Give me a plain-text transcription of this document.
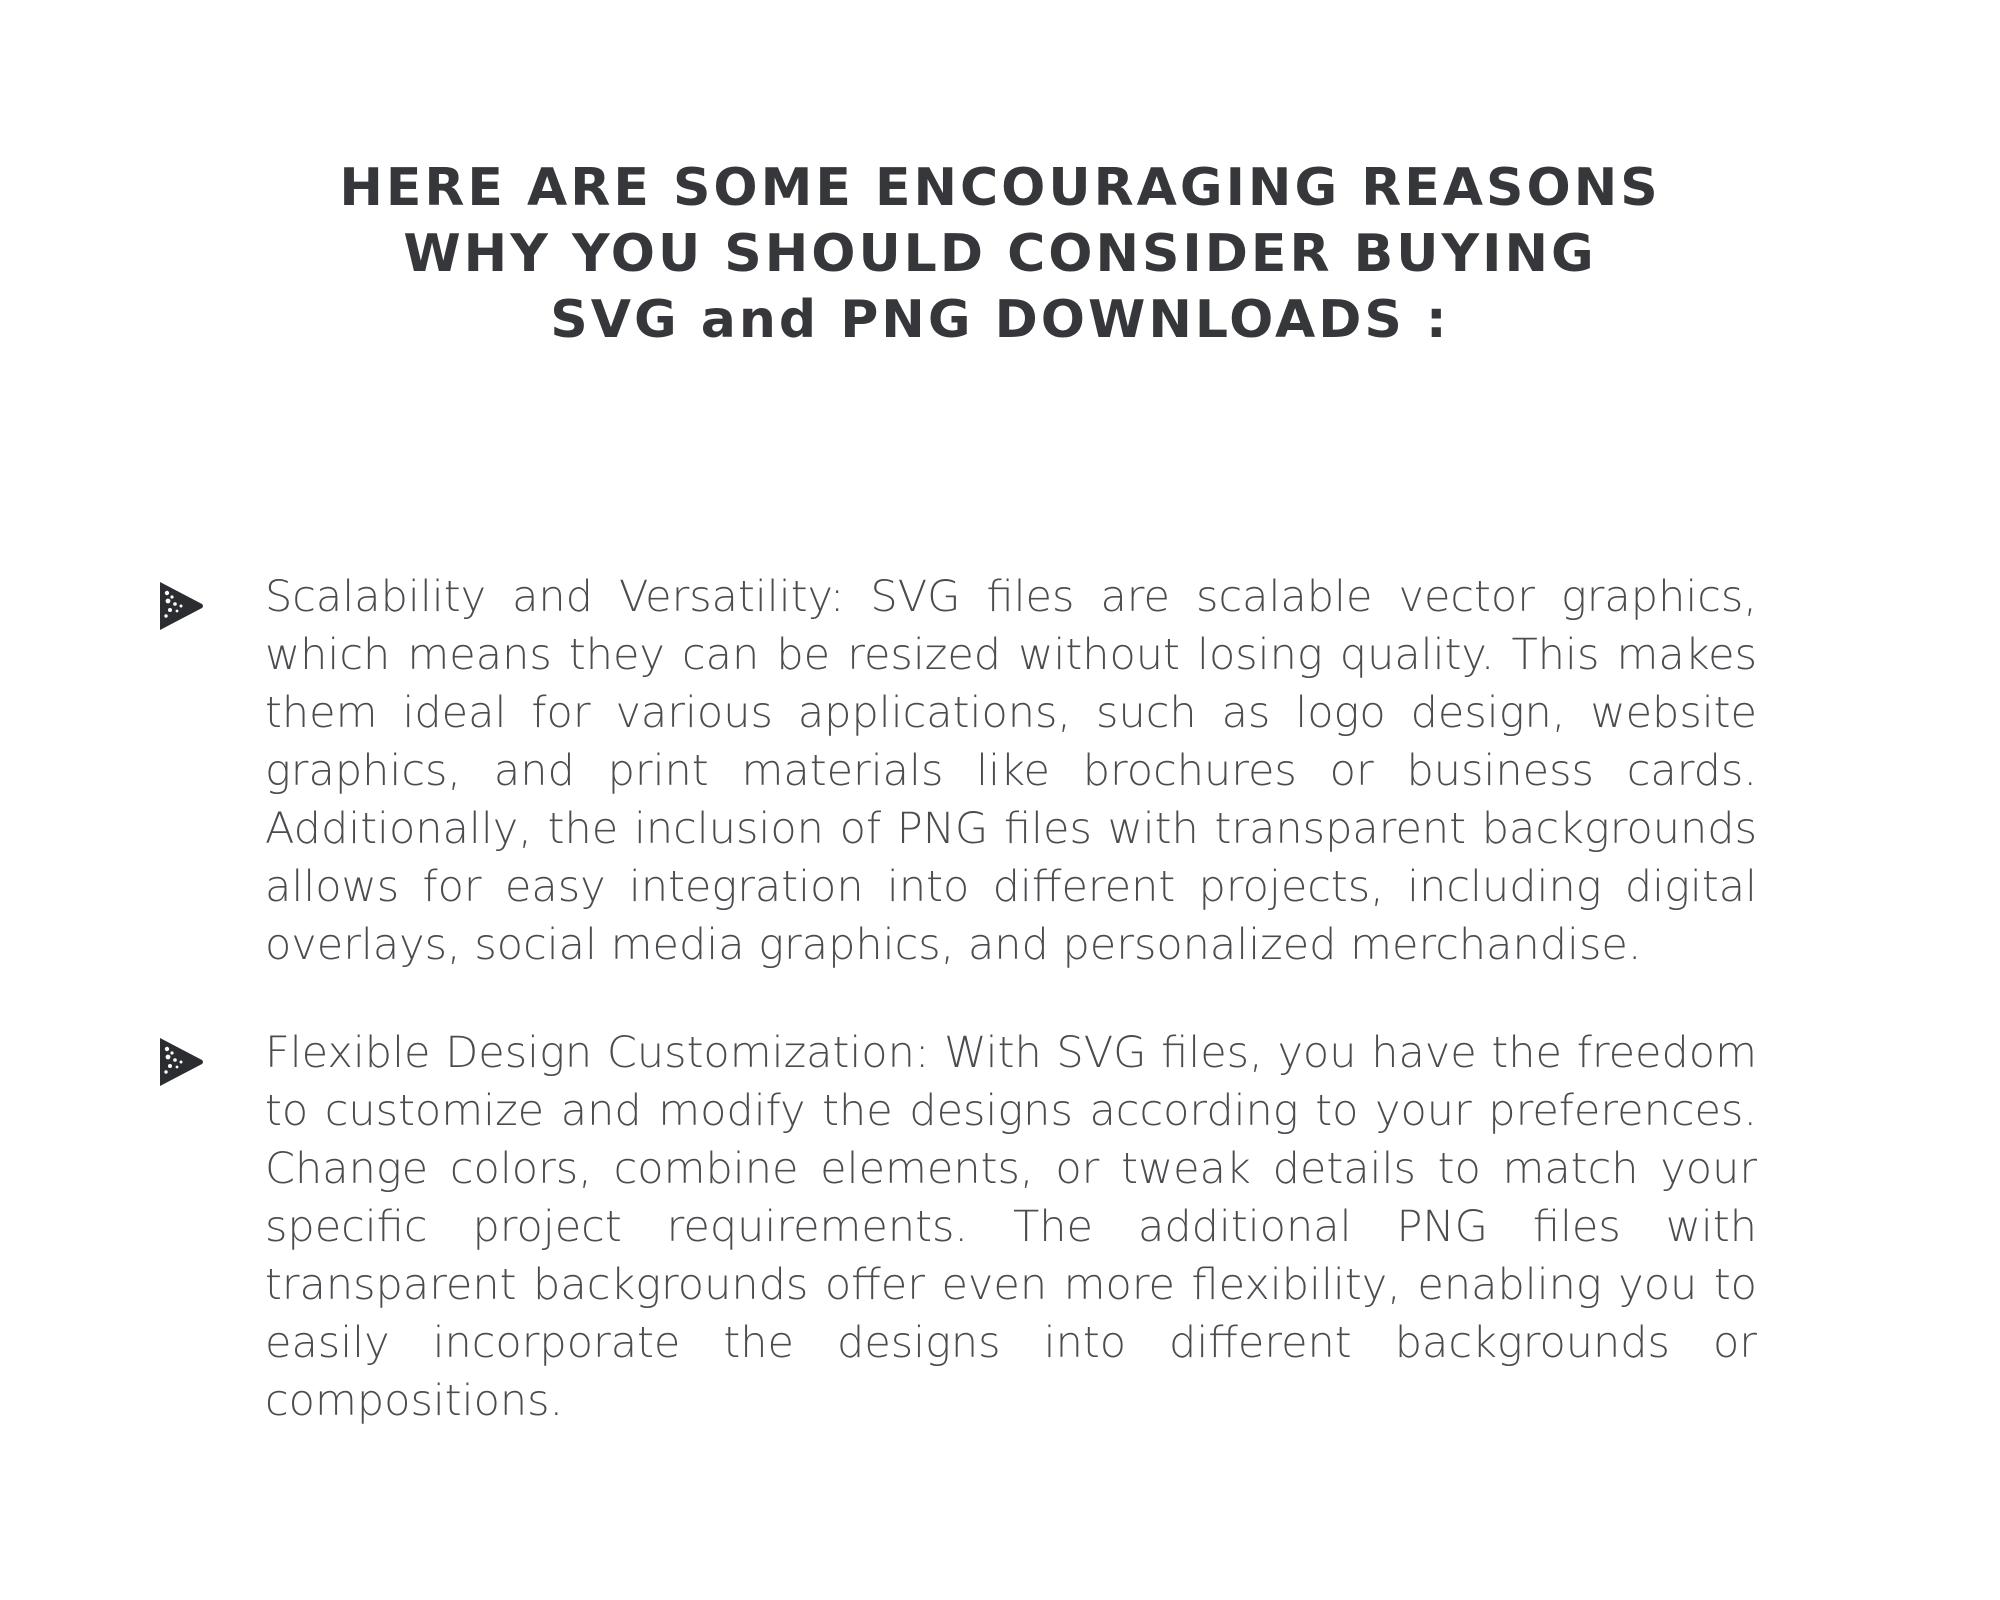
HERE ARE SOME ENCOURAGING REASONS
WHY YOU SHOULD CONSIDER BUYING
SVG and PNG DOWNLOADS :
Scalability and Versatility: SVG files are scalable vector graphics, which means they can be resized without losing quality. This makes them ideal for various applications, such as logo design, website graphics, and print materials like brochures or business cards. Additionally, the inclusion of PNG files with transparent backgrounds allows for easy integration into different projects, including digital overlays, social media graphics, and personalized merchandise.
Flexible Design Customization: With SVG files, you have the freedom to customize and modify the designs according to your preferences. Change colors, combine elements, or tweak details to match your specific project requirements. The additional PNG files with transparent backgrounds offer even more flexibility, enabling you to easily incorporate the designs into different backgrounds or compositions.
